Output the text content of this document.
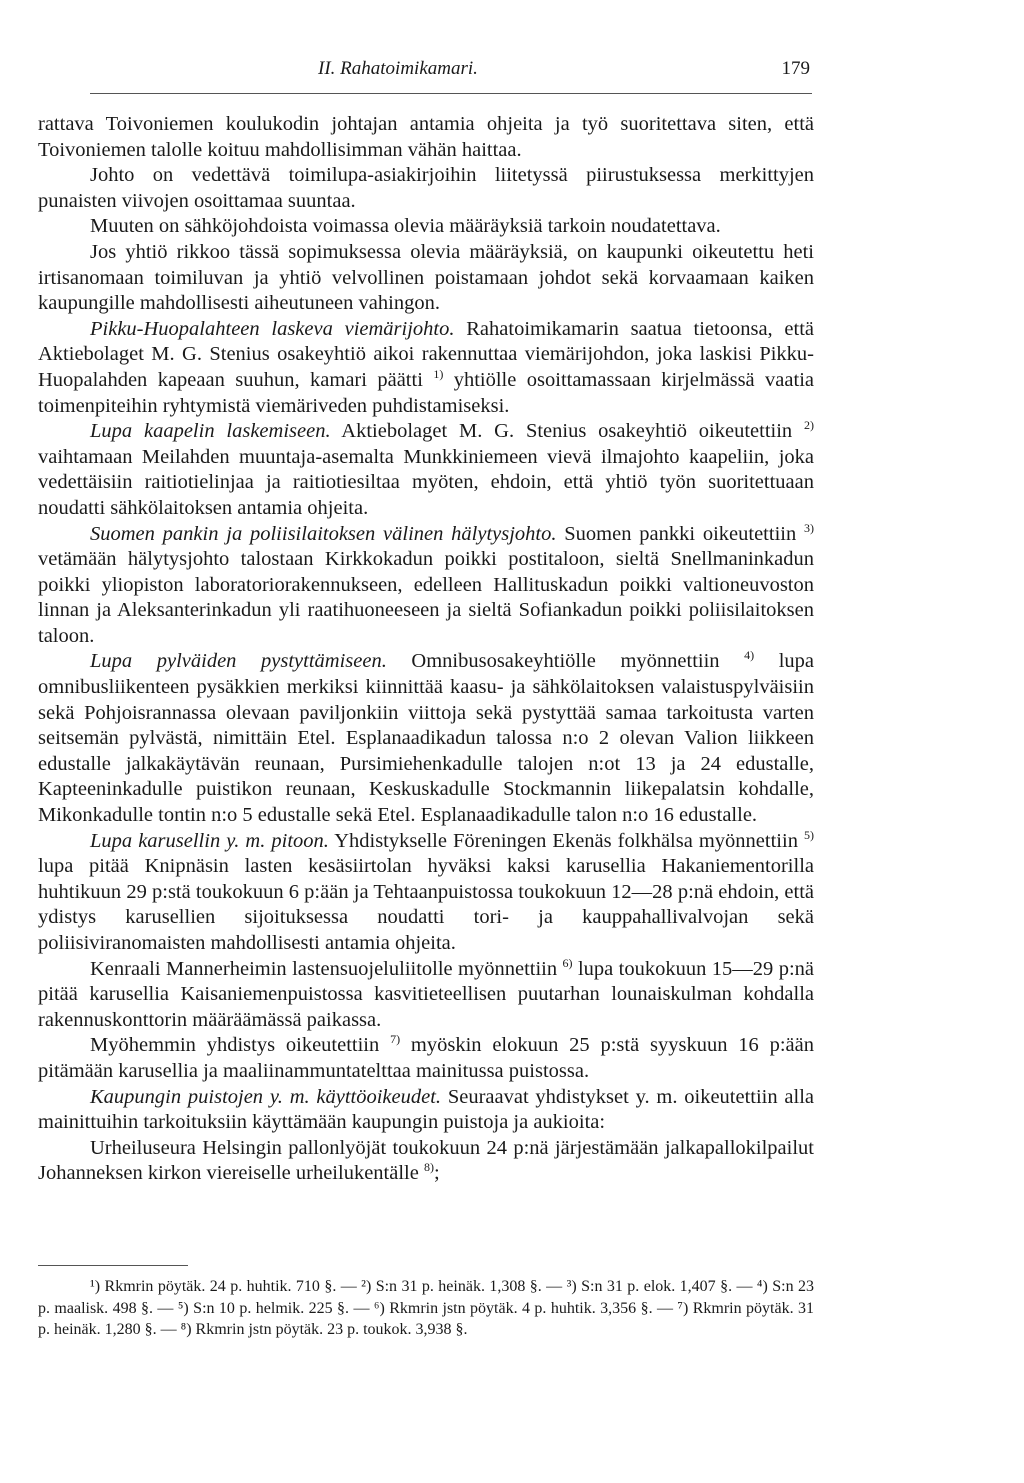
II. Rahatoimikamari.	179

rattava Toivoniemen koulukodin johtajan antamia ohjeita ja työ suoritettava siten, että Toivoniemen talolle koituu mahdollisimman vähän haittaa.

Johto on vedettävä toimilupa-asiakirjoihin liitetyssä piirustuksessa merkittyjen punaisten viivojen osoittamaa suuntaa.

Muuten on sähköjohdoista voimassa olevia määräyksiä tarkoin noudatettava.

Jos yhtiö rikkoo tässä sopimuksessa olevia määräyksiä, on kaupunki oikeutettu heti irtisanomaan toimiluvan ja yhtiö velvollinen poistamaan johdot sekä korvaamaan kaiken kaupungille mahdollisesti aiheutuneen vahingon.

Pikku-Huopalahteen laskeva viemärijohto. Rahatoimikamarin saatua tietoonsa, että Aktiebolaget M. G. Stenius osakeyhtiö aikoi rakennuttaa viemärijohdon, joka laskisi Pikku-Huopalahden kapeaan suuhun, kamari päätti $^{1)}$ yhtiölle osoittamassaan kirjelmässä vaatia toimenpiteihin ryhtymistä viemäriveden puhdistamiseksi.

Lupa kaapelin laskemiseen. Aktiebolaget M. G. Stenius osakeyhtiö oikeutettiin $^{2)}$ vaihtamaan Meilahden muuntaja-asemalta Munkkiniemeen vievä ilmajohto kaapeliin, joka vedettäisiin raitiotielinjaa ja raitiotiesiltaa myöten, ehdoin, että yhtiö työn suoritettuaan noudatti sähkölaitoksen antamia ohjeita.

Suomen pankin ja poliisilaitoksen välinen hälytysjohto. Suomen pankki oikeutettiin $^{3)}$ vetämään hälytysjohto talostaan Kirkkokadun poikki postitaloon, sieltä Snellmaninkadun poikki yliopiston laboratoriorakennukseen, edelleen Hallituskadun poikki valtioneuvoston linnan ja Aleksanterinkadun yli raatihuoneeseen ja sieltä Sofiankadun poikki poliisilaitoksen taloon.

Lupa pylväiden pystyttämiseen. Omnibusosakeyhtiölle myönnettiin $^{4)}$ lupa omnibusliikenteen pysäkkien merkiksi kiinnittää kaasu- ja sähkölaitoksen valaistuspylväisiin sekä Pohjoisrannassa olevaan paviljonkiin viittoja sekä pystyttää samaa tarkoitusta varten seitsemän pylvästä, nimittäin Etel. Esplanaadikadun talossa n:o 2 olevan Valion liikkeen edustalle jalkakäytävän reunaan, Pursimiehenkadulle talojen n:ot 13 ja 24 edustalle, Kapteeninkadulle puistikon reunaan, Keskuskadulle Stockmannin liikepalatsin kohdalle, Mikonkadulle tontin n:o 5 edustalle sekä Etel. Esplanaadikadulle talon n:o 16 edustalle.

Lupa karusellin y. m. pitoon. Yhdistykselle Föreningen Ekenäs folkhälsa myönnettiin $^{5)}$ lupa pitää Knipnäsin lasten kesäsiirtolan hyväksi kaksi karusellia Hakaniementorilla huhtikuun 29 p:stä toukokuun 6 p:ään ja Tehtaanpuistossa toukokuun 12—28 p:nä ehdoin, että ydistys karusellien sijoituksessa noudatti tori- ja kauppahallivalvojan sekä poliisiviranomaisten mahdollisesti antamia ohjeita.

Kenraali Mannerheimin lastensuojeluliitolle myönnettiin $^{6)}$ lupa toukokuun 15—29 p:nä pitää karusellia Kaisaniemenpuistossa kasvitieteellisen puutarhan lounaiskulman kohdalla rakennuskonttorin määräämässä paikassa.

Myöhemmin yhdistys oikeutettiin $^{7)}$ myöskin elokuun 25 p:stä syyskuun 16 p:ään pitämään karusellia ja maaliinammuntatelttaa mainitussa puistossa.

Kaupungin puistojen y. m. käyttöoikeudet. Seuraavat yhdistykset y. m. oikeutettiin alla mainittuihin tarkoituksiin käyttämään kaupungin puistoja ja aukioita:

Urheiluseura Helsingin pallonlyöjät toukokuun 24 p:nä järjestämään jalkapallokilpailut Johanneksen kirkon viereiselle urheilukentälle $^{8)}$;

¹) Rkmrin pöytäk. 24 p. huhtik. 710 §. — ²) S:n 31 p. heinäk. 1,308 §. — ³) S:n 31 p. elok. 1,407 §. — ⁴) S:n 23 p. maalisk. 498 §. — ⁵) S:n 10 p. helmik. 225 §. — ⁶) Rkmrin jstn pöytäk. 4 p. huhtik. 3,356 §. — ⁷) Rkmrin pöytäk. 31 p. heinäk. 1,280 §. — ⁸) Rkmrin jstn pöytäk. 23 p. toukok. 3,938 §.
